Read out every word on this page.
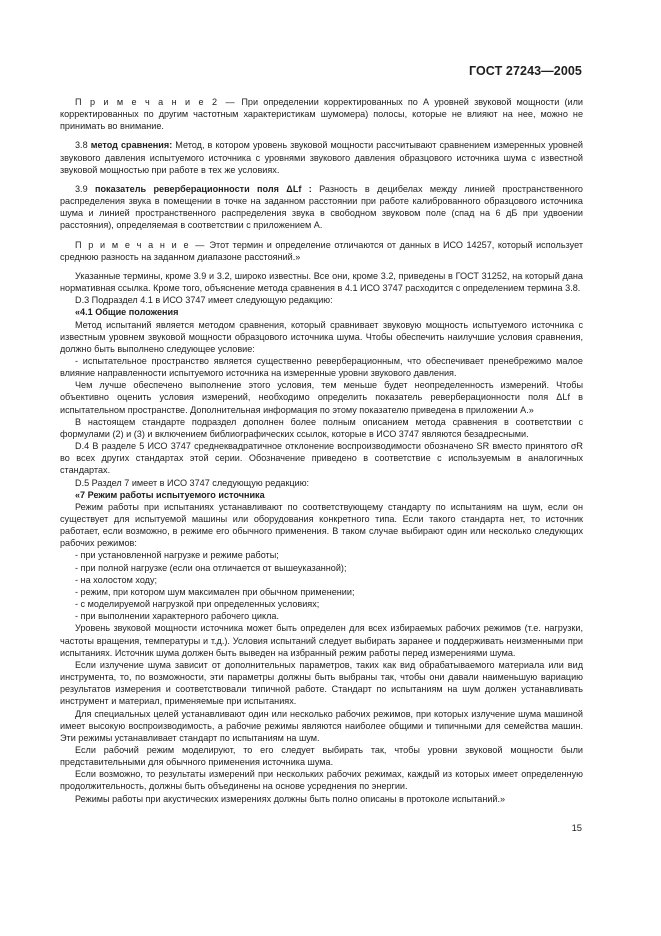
ГОСТ 27243—2005

П р и м е ч а н и е 2 — При определении корректированных по А уровней звуковой мощности (или корректированных по другим частотным характеристикам шумомера) полосы, которые не влияют на нее, можно не принимать во внимание.

3.8 метод сравнения: Метод, в котором уровень звуковой мощности рассчитывают сравнением измеренных уровней звукового давления испытуемого источника с уровнями звукового давления образцового источника шума с известной звуковой мощностью при работе в тех же условиях.

3.9 показатель реверберационности поля ΔLf : Разность в децибелах между линией пространственного распределения звука в помещении в точке на заданном расстоянии при работе калиброванного образцового источника шума и линией пространственного распределения звука в свободном звуковом поле (спад на 6 дБ при удвоении расстояния), определяемая в соответствии с приложением А.

П р и м е ч а н и е — Этот термин и определение отличаются от данных в ИСО 14257, который использует среднюю разность на заданном диапазоне расстояний.»

Указанные термины, кроме 3.9 и 3.2, широко известны. Все они, кроме 3.2, приведены в ГОСТ 31252, на который дана нормативная ссылка. Кроме того, объяснение метода сравнения в 4.1 ИСО 3747 расходится с определением термина 3.8.

D.3 Подраздел 4.1 в ИСО 3747 имеет следующую редакцию:

«4.1 Общие положения

Метод испытаний является методом сравнения, который сравнивает звуковую мощность испытуемого источника с известным уровнем звуковой мощности образцового источника шума. Чтобы обеспечить наилучшие условия сравнения, должно быть выполнено следующее условие:

- испытательное пространство является существенно реверберационным, что обеспечивает пренебрежимо малое влияние направленности испытуемого источника на измеренные уровни звукового давления.

Чем лучше обеспечено выполнение этого условия, тем меньше будет неопределенность измерений. Чтобы объективно оценить условия измерений, необходимо определить показатель реверберационности поля ΔLf в испытательном пространстве. Дополнительная информация по этому показателю приведена в приложении А.»

В настоящем стандарте подраздел дополнен более полным описанием метода сравнения в соответствии с формулами (2) и (3) и включением библиографических ссылок, которые в ИСО 3747 являются безадресными.

D.4 В разделе 5 ИСО 3747 среднеквадратичное отклонение воспроизводимости обозначено SR вместо принятого σR во всех других стандартах этой серии. Обозначение приведено в соответствие с используемым в аналогичных стандартах.

D.5 Раздел 7 имеет в ИСО 3747 следующую редакцию:

«7 Режим работы испытуемого источника

Режим работы при испытаниях устанавливают по соответствующему стандарту по испытаниям на шум, если он существует для испытуемой машины или оборудования конкретного типа. Если такого стандарта нет, то источник работает, если возможно, в режиме его обычного применения. В таком случае выбирают один или несколько следующих рабочих режимов:

- при установленной нагрузке и режиме работы;

- при полной нагрузке (если она отличается от вышеуказанной);

- на холостом ходу;

- режим, при котором шум максимален при обычном применении;

- с моделируемой нагрузкой при определенных условиях;

- при выполнении характерного рабочего цикла.

Уровень звуковой мощности источника может быть определен для всех избираемых рабочих режимов (т.е. нагрузки, частоты вращения, температуры и т.д.). Условия испытаний следует выбирать заранее и поддерживать неизменными при испытаниях. Источник шума должен быть выведен на избранный режим работы перед измерениями шума.

Если излучение шума зависит от дополнительных параметров, таких как вид обрабатываемого материала или вид инструмента, то, по возможности, эти параметры должны быть выбраны так, чтобы они давали наименьшую вариацию результатов измерения и соответствовали типичной работе. Стандарт по испытаниям на шум должен устанавливать инструмент и материал, применяемые при испытаниях.

Для специальных целей устанавливают один или несколько рабочих режимов, при которых излучение шума машиной имеет высокую воспроизводимость, а рабочие режимы являются наиболее общими и типичными для семейства машин. Эти режимы устанавливает стандарт по испытаниям на шум.

Если рабочий режим моделируют, то его следует выбирать так, чтобы уровни звуковой мощности были представительными для обычного применения источника шума.

Если возможно, то результаты измерений при нескольких рабочих режимах, каждый из которых имеет определенную продолжительность, должны быть объединены на основе усреднения по энергии.

Режимы работы при акустических измерениях должны быть полно описаны в протоколе испытаний.»

15
